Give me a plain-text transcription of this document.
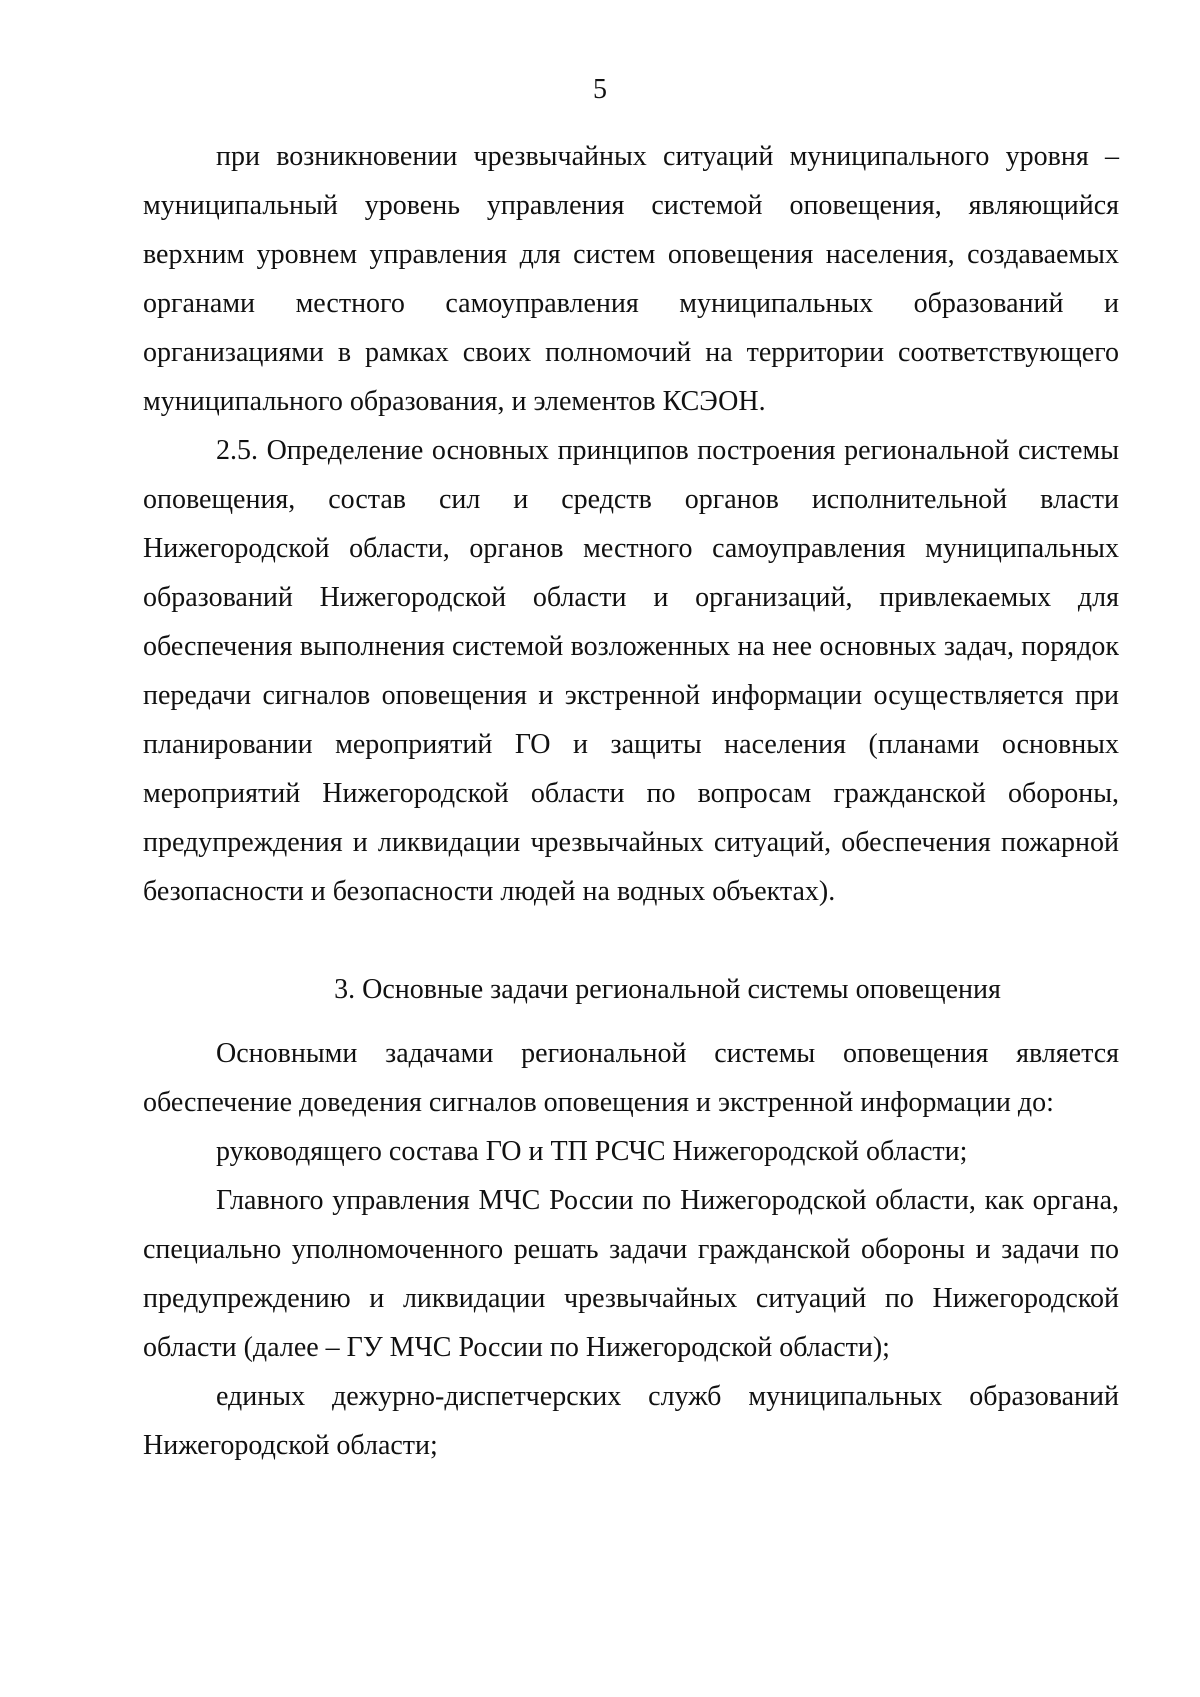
5

при возникновении чрезвычайных ситуаций муниципального уровня – муниципальный уровень управления системой оповещения, являющийся верхним уровнем управления для систем оповещения населения, создаваемых органами местного самоуправления муниципальных образований и организациями в рамках своих полномочий на территории соответствующего муниципального образования, и элементов КСЭОН.

2.5. Определение основных принципов построения региональной системы оповещения, состав сил и средств органов исполнительной власти Нижегородской области, органов местного самоуправления муниципальных образований Нижегородской области и организаций, привлекаемых для обеспечения выполнения системой возложенных на нее основных задач, порядок передачи сигналов оповещения и экстренной информации осуществляется при планировании мероприятий ГО и защиты населения (планами основных мероприятий Нижегородской области по вопросам гражданской обороны, предупреждения и ликвидации чрезвычайных ситуаций, обеспечения пожарной безопасности и безопасности людей на водных объектах).

3. Основные задачи региональной системы оповещения

Основными задачами региональной системы оповещения является обеспечение доведения сигналов оповещения и экстренной информации до:

руководящего состава ГО и ТП РСЧС Нижегородской области;

Главного управления МЧС России по Нижегородской области, как органа, специально уполномоченного решать задачи гражданской обороны и задачи по предупреждению и ликвидации чрезвычайных ситуаций по Нижегородской области (далее – ГУ МЧС России по Нижегородской области);

единых дежурно-диспетчерских служб муниципальных образований Нижегородской области;
